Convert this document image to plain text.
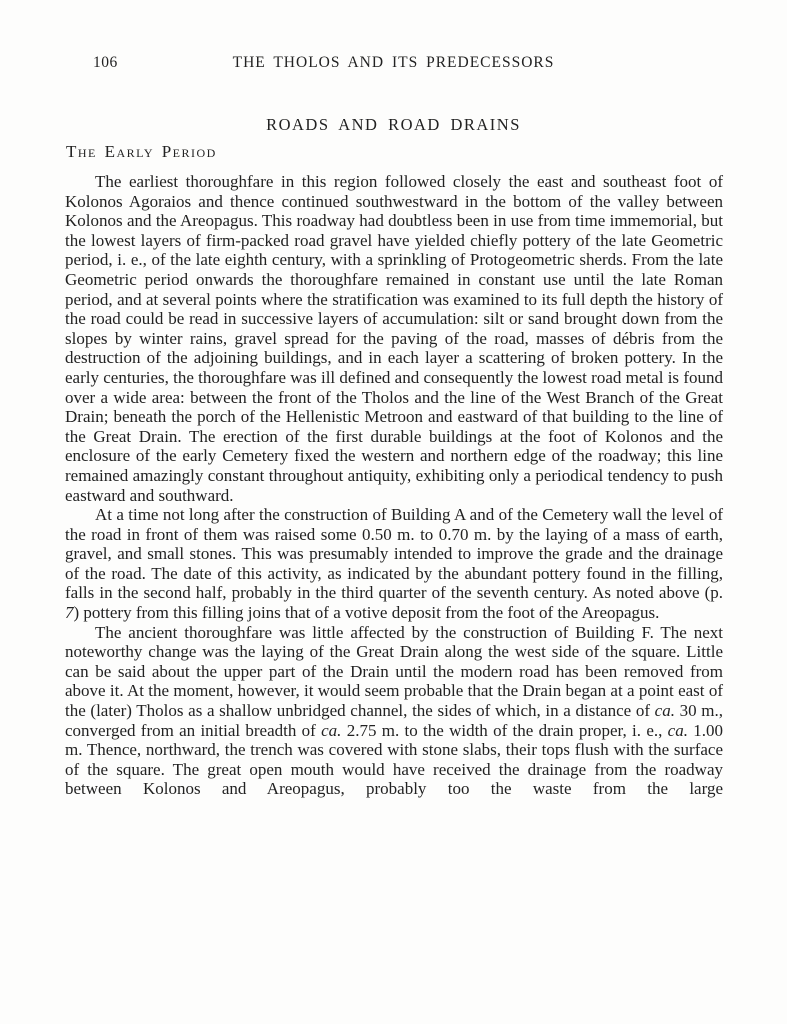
106	THE THOLOS AND ITS PREDECESSORS
ROADS AND ROAD DRAINS
The Early Period

The earliest thoroughfare in this region followed closely the east and southeast foot of Kolonos Agoraios and thence continued southwestward in the bottom of the valley between Kolonos and the Areopagus. This roadway had doubtless been in use from time immemorial, but the lowest layers of firm-packed road gravel have yielded chiefly pottery of the late Geometric period, i. e., of the late eighth century, with a sprinkling of Protogeometric sherds. From the late Geometric period onwards the thoroughfare remained in constant use until the late Roman period, and at several points where the stratification was examined to its full depth the history of the road could be read in successive layers of accumulation: silt or sand brought down from the slopes by winter rains, gravel spread for the paving of the road, masses of débris from the destruction of the adjoining buildings, and in each layer a scattering of broken pottery. In the early centuries, the thoroughfare was ill defined and consequently the lowest road metal is found over a wide area: between the front of the Tholos and the line of the West Branch of the Great Drain; beneath the porch of the Hellenistic Metroon and eastward of that building to the line of the Great Drain. The erection of the first durable buildings at the foot of Kolonos and the enclosure of the early Cemetery fixed the western and northern edge of the roadway; this line remained amazingly constant throughout antiquity, exhibiting only a periodical tendency to push eastward and southward.

At a time not long after the construction of Building A and of the Cemetery wall the level of the road in front of them was raised some 0.50 m. to 0.70 m. by the laying of a mass of earth, gravel, and small stones. This was presumably intended to improve the grade and the drainage of the road. The date of this activity, as indicated by the abundant pottery found in the filling, falls in the second half, probably in the third quarter of the seventh century. As noted above (p. 7) pottery from this filling joins that of a votive deposit from the foot of the Areopagus.

The ancient thoroughfare was little affected by the construction of Building F. The next noteworthy change was the laying of the Great Drain along the west side of the square. Little can be said about the upper part of the Drain until the modern road has been removed from above it. At the moment, however, it would seem probable that the Drain began at a point east of the (later) Tholos as a shallow unbridged channel, the sides of which, in a distance of ca. 30 m., converged from an initial breadth of ca. 2.75 m. to the width of the drain proper, i. e., ca. 1.00 m. Thence, northward, the trench was covered with stone slabs, their tops flush with the surface of the square. The great open mouth would have received the drainage from the roadway between Kolonos and Areopagus, probably too the waste from the large
